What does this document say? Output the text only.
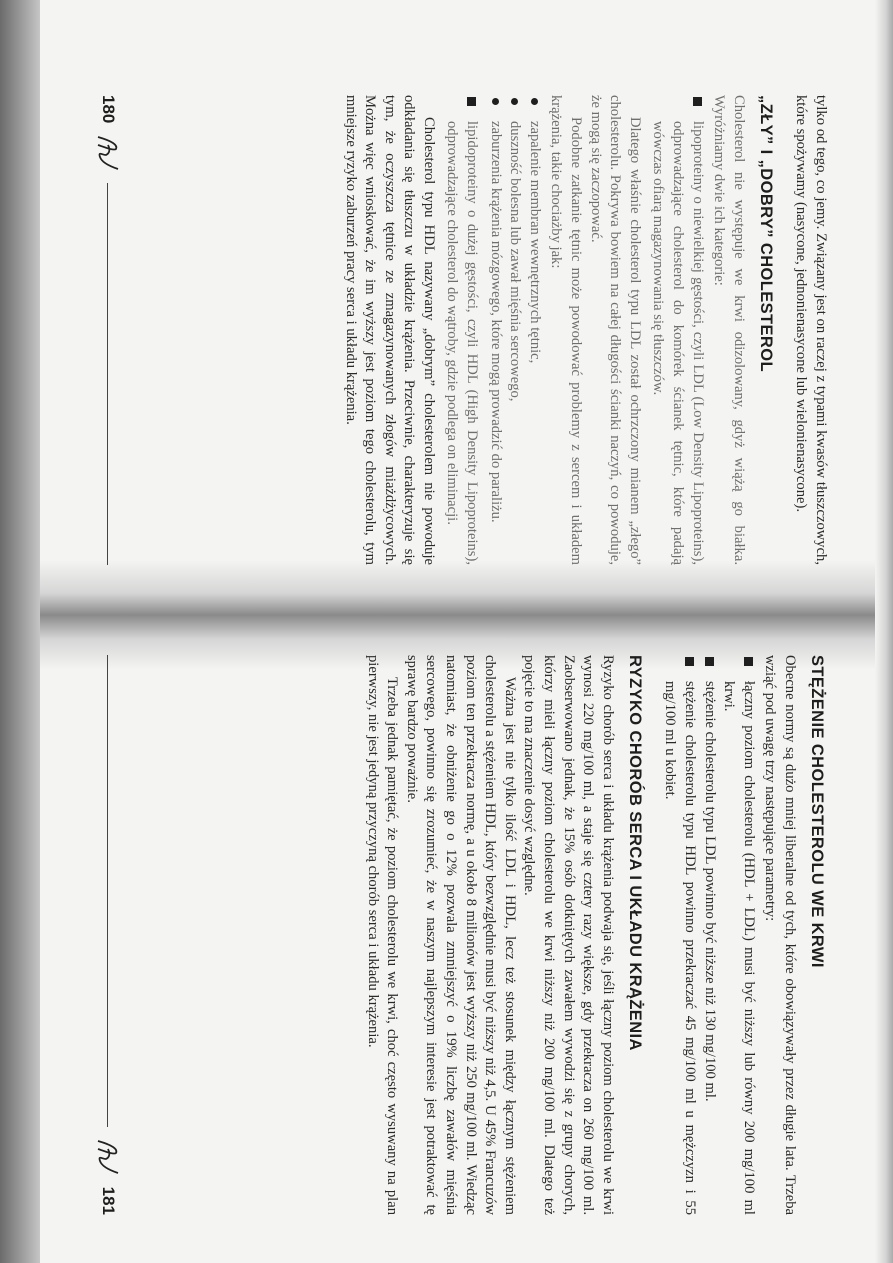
tylko od tego, co jemy. Związany jest on raczej z typami kwasów tłuszczowych, które spożywamy (nasycone, jednonienasycone lub wielonienasycone).

„ZŁY” I „DOBRY” CHOLESTEROL

Cholesterol nie występuje we krwi odizolowany, gdyż wiążą go białka. Wyróżniamy dwie ich kategorie:

lipoproteiny o niewielkiej gęstości, czyli LDL (Low Density Lipoproteins), odprowadzające cholesterol do komórek ścianek tętnic, które padają wówczas ofiarą magazynowania się tłuszczów.

Dlatego właśnie cholesterol typu LDL został ochrzczony mianem „złego” cholesterolu. Pokrywa bowiem na całej długości ścianki naczyń, co powoduje, że mogą się zaczopować.

Podobne zatkanie tętnic może powodować problemy z sercem i układem krążenia, takie chociażby jak:

zapalenie membran wewnętrznych tętnic,
duszność bolesna lub zawał mięśnia sercowego,
zaburzenia krążenia mózgowego, które mogą prowadzić do paraliżu.
lipidoproteiny o dużej gęstości, czyli HDL (High Density Lipoproteins), odprowadzające cholesterol do wątroby, gdzie podlega on eliminacji.

Cholesterol typu HDL nazywany „dobrym” cholesterolem nie powoduje odkładania się tłuszczu w układzie krążenia. Przeciwnie, charakteryzuje się tym, że oczyszcza tętnice ze zmagazynowanych złogów miażdżycowych. Można więc wnioskować, że im wyższy jest poziom tego cholesterolu, tym mniejsze ryzyko zaburzeń pracy serca i układu krążenia.

180
STĘŻENIE CHOLESTEROLU WE KRWI

Obecne normy są dużo mniej liberalne od tych, które obowiązywały przez długie lata. Trzeba wziąć pod uwagę trzy następujące parametry:

łączny poziom cholesterolu (HDL + LDL) musi być niższy lub równy 200 mg/100 ml krwi.
stężenie cholesterolu typu LDL powinno być niższe niż 130 mg/100 ml.
stężenie cholesterolu typu HDL powinno przekraczać 45 mg/100 ml u mężczyzn i 55 mg/100 ml u kobiet.
RYZYKO CHORÓB SERCA I UKŁADU KRĄŻENIA

Ryzyko chorób serca i układu krążenia podwaja się, jeśli łączny poziom cholesterolu we krwi wynosi 220 mg/100 ml, a staje się cztery razy większe, gdy przekracza on 260 mg/100 ml. Zaobserwowano jednak, że 15% osób dotkniętych zawałem wywodzi się z grupy chorych, którzy mieli łączny poziom cholesterolu we krwi niższy niż 200 mg/100 ml. Dlatego też pojęcie to ma znaczenie dosyć względne.

Ważna jest nie tylko ilość LDL i HDL, lecz też stosunek między łącznym stężeniem cholesterolu a stężeniem HDL, który bezwzględnie musi być niższy niż 4,5. U 45% Francuzów poziom ten przekracza normę, a u około 8 milionów jest wyższy niż 250 mg/100 ml. Wiedząc natomiast, że obniżenie go o 12% pozwala zmniejszyć o 19% liczbę zawałów mięśnia sercowego, powinno się zrozumieć, że w naszym najlepszym interesie jest potraktować tę sprawę bardzo poważnie.

Trzeba jednak pamiętać, że poziom cholesterolu we krwi, choć często wysuwany na plan pierwszy, nie jest jedyną przyczyną chorób serca i układu krążenia.

181
